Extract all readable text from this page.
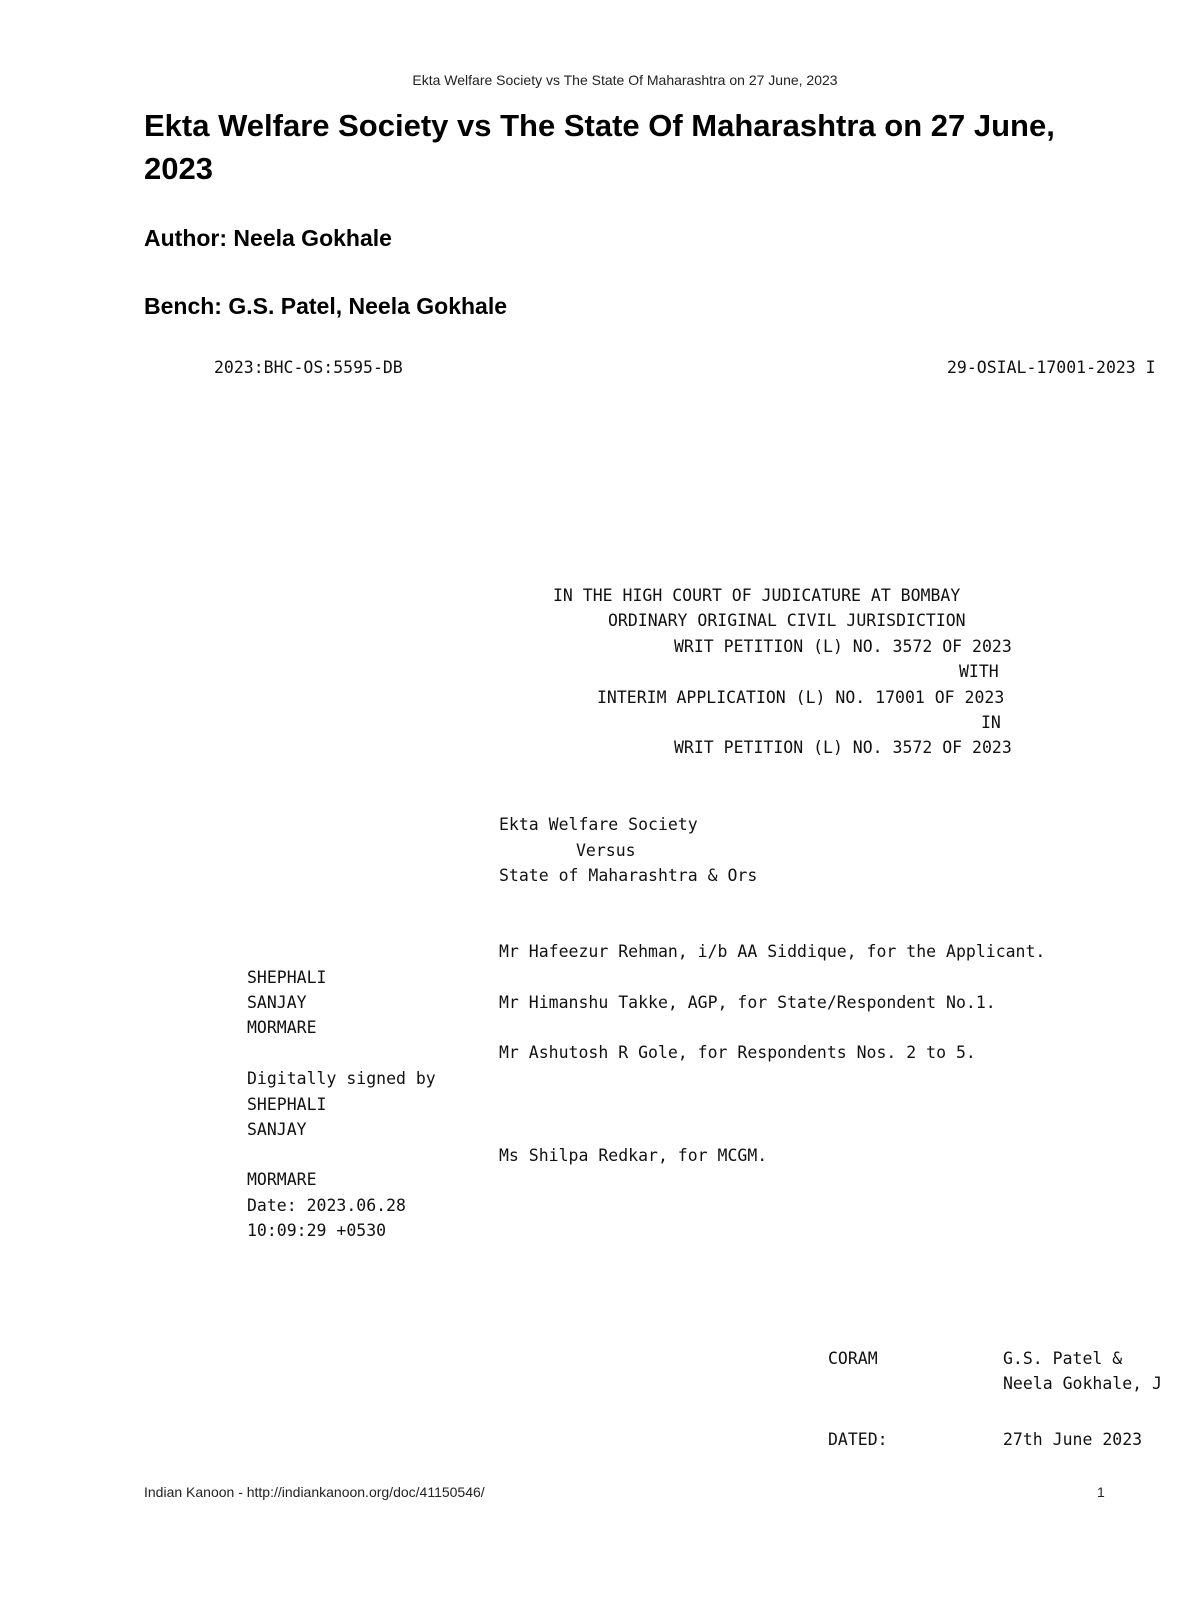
Ekta Welfare Society vs The State Of Maharashtra on 27 June, 2023
Ekta Welfare Society vs The State Of Maharashtra on 27 June, 2023
Author: Neela Gokhale
Bench: G.S. Patel, Neela Gokhale
2023:BHC-OS:5595-DB	29-OSIAL-17001-2023 I
IN THE HIGH COURT OF JUDICATURE AT BOMBAY
ORDINARY ORIGINAL CIVIL JURISDICTION
WRIT PETITION (L) NO. 3572 OF 2023
WITH
INTERIM APPLICATION (L) NO. 17001 OF 2023
IN
WRIT PETITION (L) NO. 3572 OF 2023
Ekta Welfare Society
Versus
State of Maharashtra & Ors
Mr Hafeezur Rehman, i/b AA Siddique, for the Applicant.
Mr Himanshu Takke, AGP, for State/Respondent No.1.
Mr Ashutosh R Gole, for Respondents Nos. 2 to 5.
Ms Shilpa Redkar, for MCGM.
SHEPHALI
SANJAY
MORMARE
Digitally signed by
SHEPHALI
SANJAY
MORMARE
Date: 2023.06.28
10:09:29 +0530
CORAM	G.S. Patel &
Neela Gokhale, J
DATED:	27th June 2023
Indian Kanoon - http://indiankanoon.org/doc/41150546/	1
